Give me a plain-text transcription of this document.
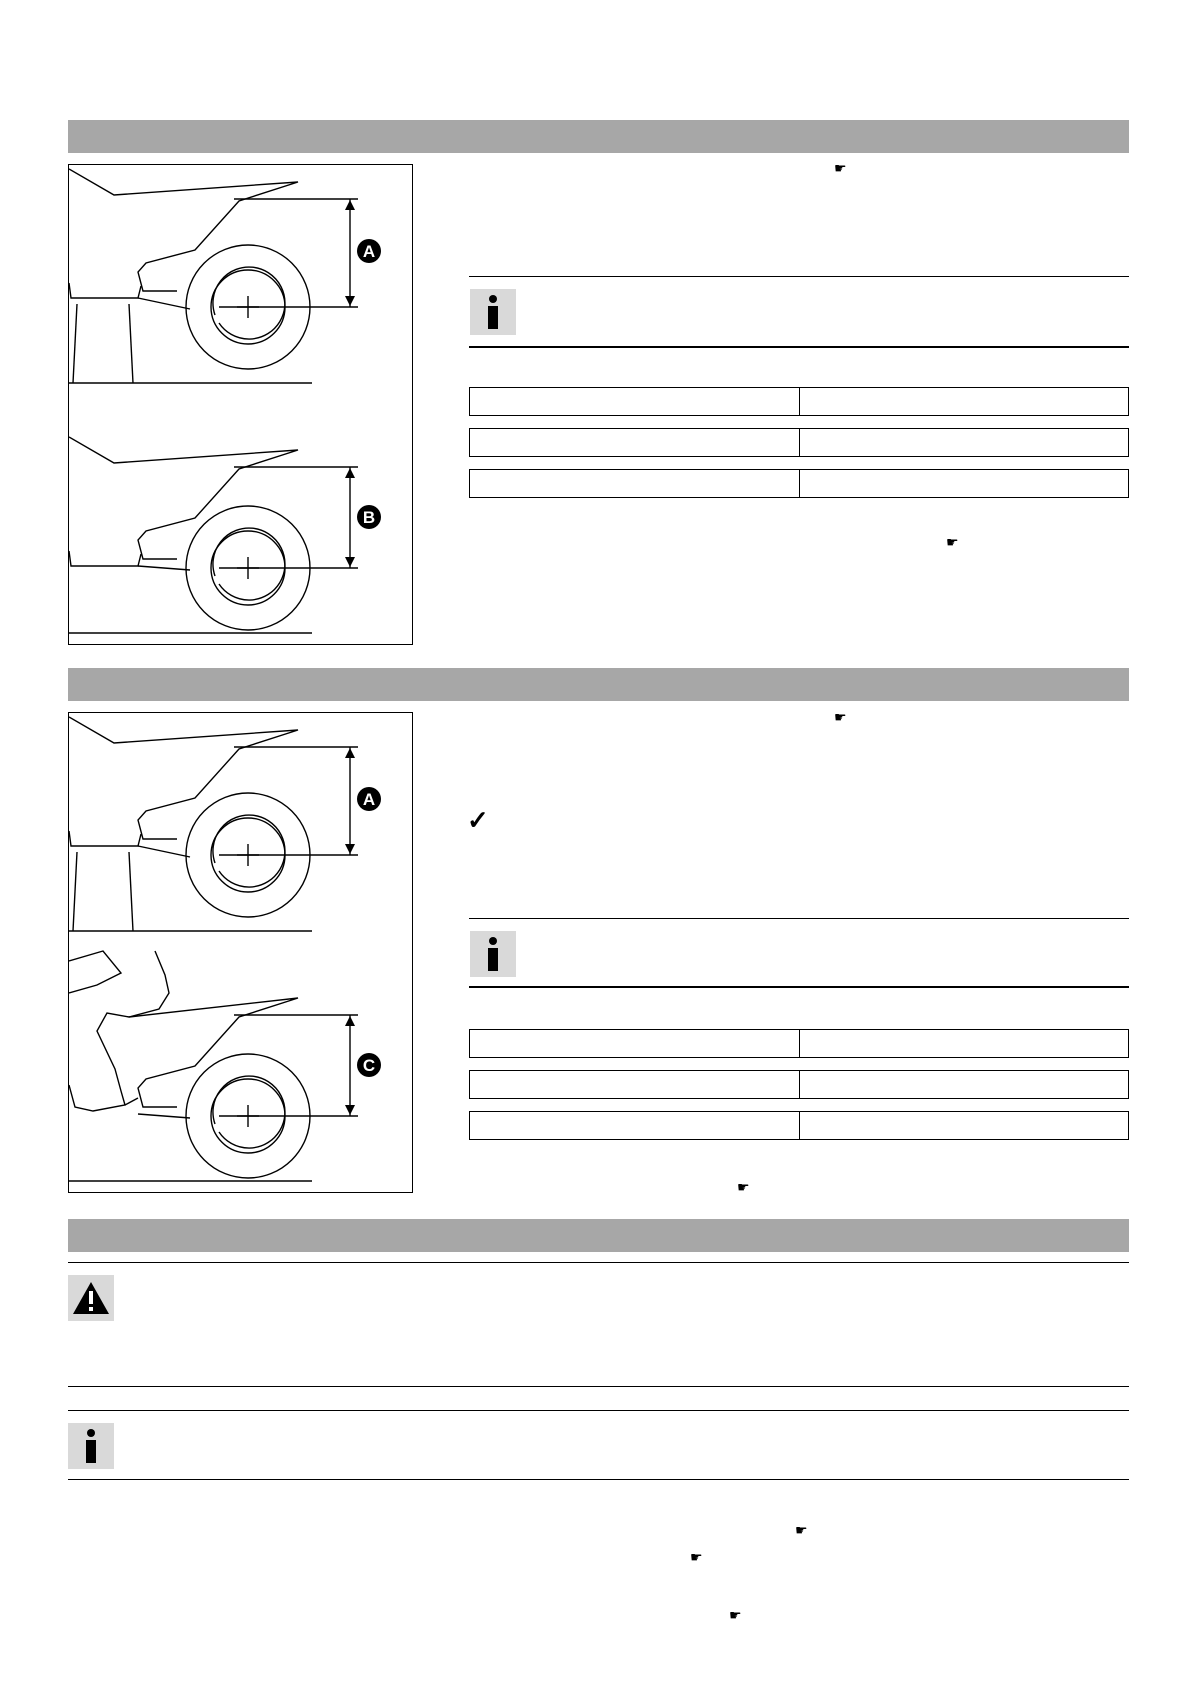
A
B
☛
☛
A
C
☛
✓
☛
☛
☛
☛
